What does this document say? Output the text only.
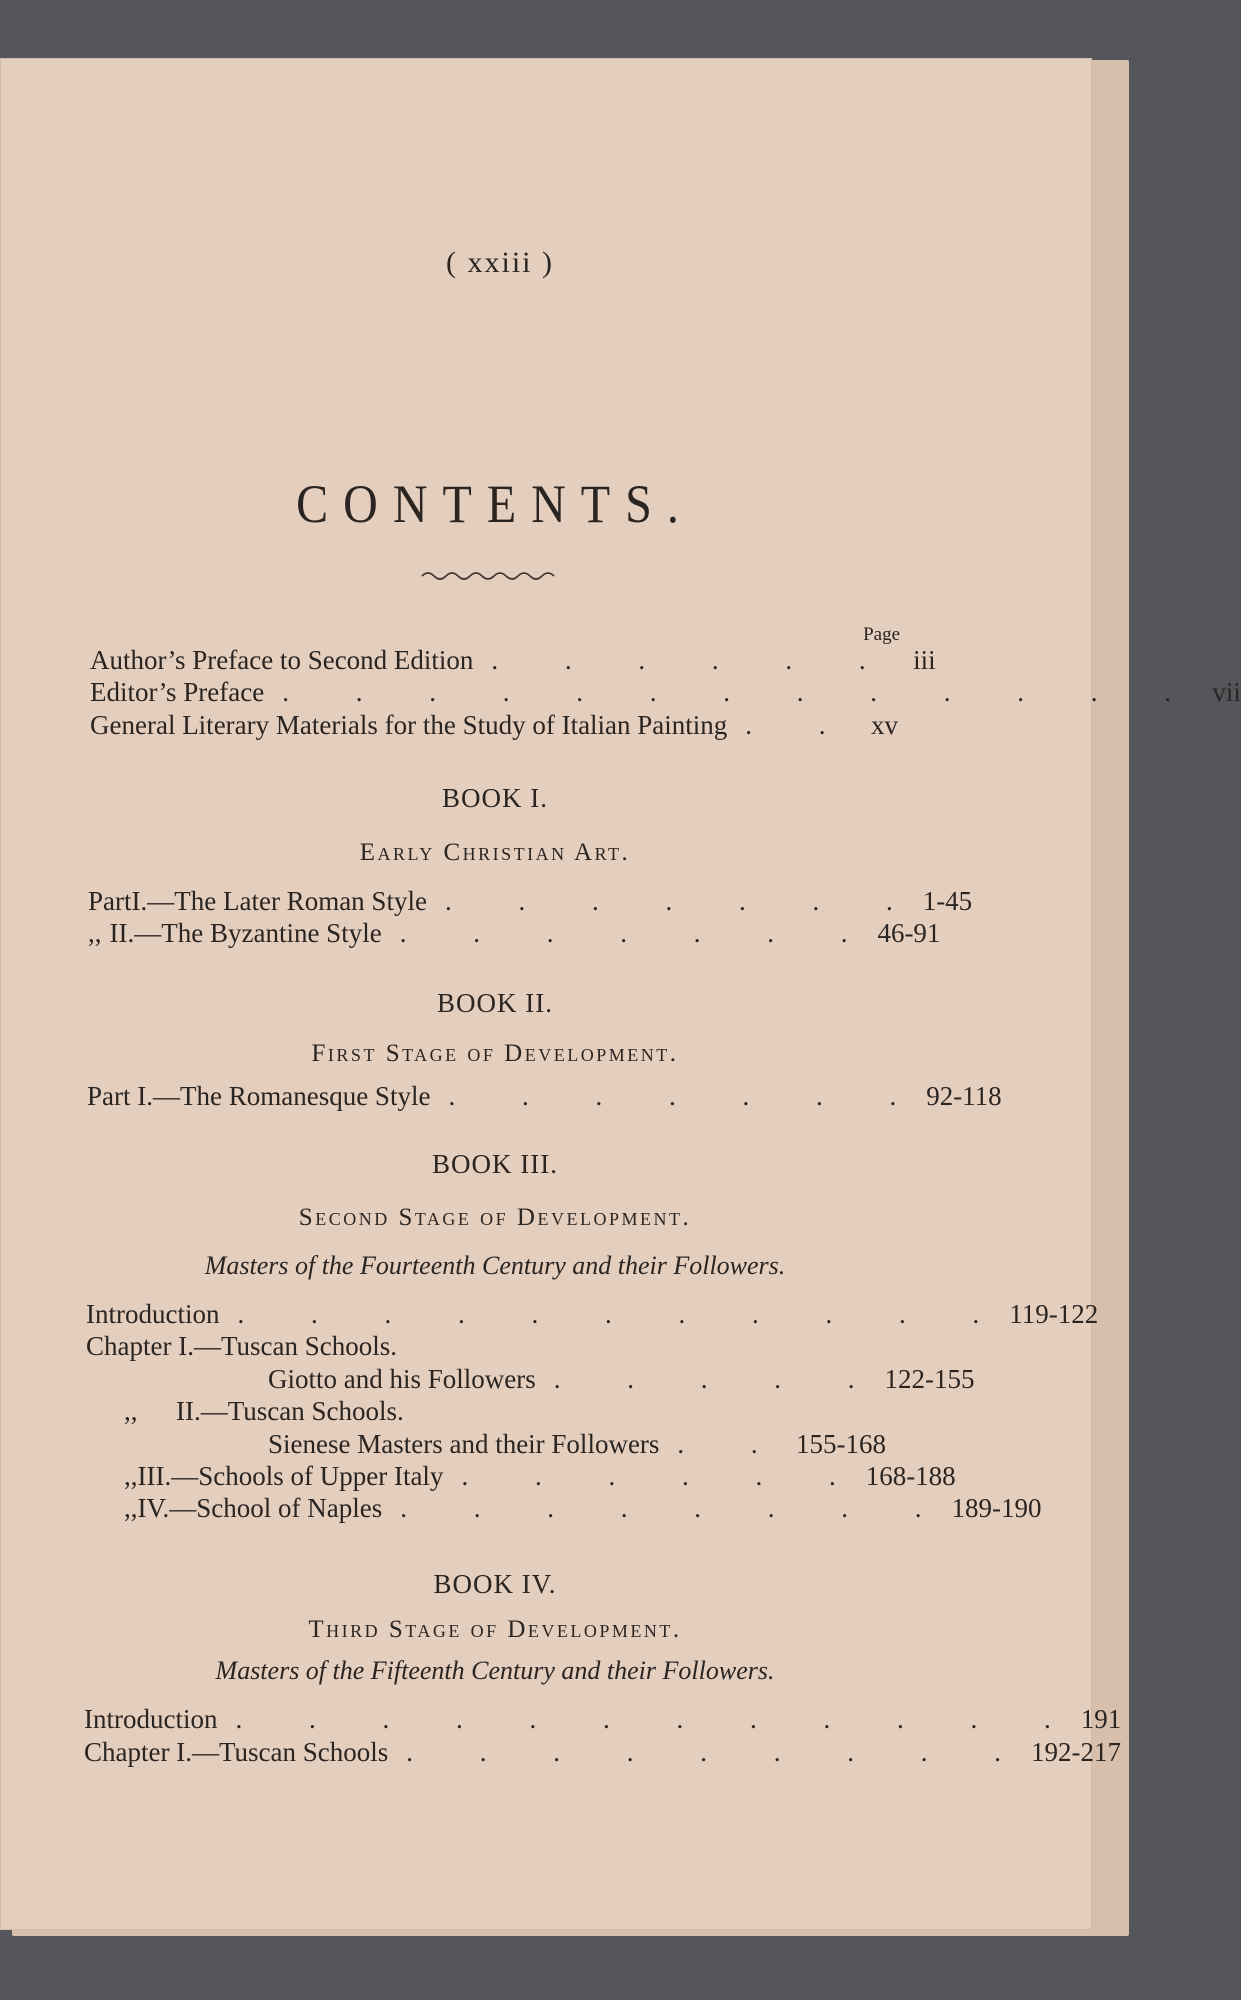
( xxiii )
CONTENTS.
Page
Author’s Preface to Second Edition . . . . . . iii
Editor’s Preface . . . . . . . . . . . . . vii
General Literary Materials for the Study of Italian Painting . . xv
BOOK I.
Early Christian Art.
Part I. —The Later Roman Style . . . . . . . 1-45
,, II. —The Byzantine Style . . . . . . . 46-91
BOOK II.
First Stage of Development.
Part I.—The Romanesque Style . . . . . . . 92-118
BOOK III.
Second Stage of Development.
Masters of the Fourteenth Century and their Followers.
Introduction . . . . . . . . . . . 119-122
Chapter I.—Tuscan Schools.
Giotto and his Followers . . . . . 122-155
,, II.—Tuscan Schools.
Sienese Masters and their Followers . . 155-168
,, III.—Schools of Upper Italy . . . . . . 168-188
,, IV.—School of Naples . . . . . . . . 189-190
BOOK IV.
Third Stage of Development.
Masters of the Fifteenth Century and their Followers.
Introduction . . . . . . . . . . . . 191
Chapter I.—Tuscan Schools . . . . . . . . . 192-217
